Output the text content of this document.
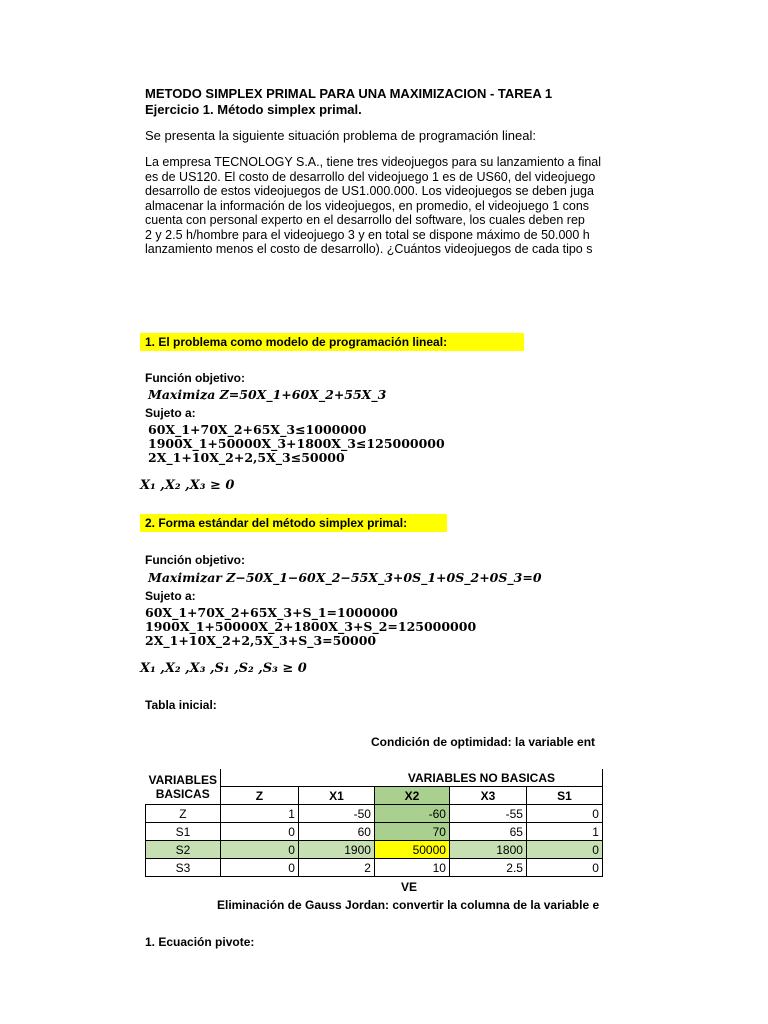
METODO SIMPLEX PRIMAL PARA UNA MAXIMIZACION - TAREA 1
Ejercicio 1. Método simplex primal.
Se presenta la siguiente situación problema de programación lineal:
La empresa TECNOLOGY S.A., tiene tres videojuegos para su lanzamiento a final
es de US120. El costo de desarrollo del videojuego 1 es de US60, del videojuego
desarrollo de estos videojuegos de US1.000.000. Los videojuegos se deben juga
almacenar la información de los videojuegos, en promedio, el videojuego 1 cons
cuenta con personal experto en el desarrollo del software, los cuales deben rep
2 y 2.5 h/hombre para el videojuego 3 y en total se dispone máximo de 50.000 h
lanzamiento menos el costo de desarrollo). ¿Cuántos videojuegos de cada tipo s
1. El problema como modelo de programación lineal:
Función objetivo:
Maximiza Z=50X_1+60X_2+55X_3
Sujeto a:
60X_1+70X_2+65X_3≤1000000
1900X_1+50000X_3+1800X_3≤125000000
2X_1+10X_2+2,5X_3≤50000
X₁ ,X₂ ,X₃ ≥ 0
2. Forma estándar del método simplex primal:
Función objetivo:
Maximizar Z−50X_1−60X_2−55X_3+0S_1+0S_2+0S_3=0
Sujeto a:
60X_1+70X_2+65X_3+S_1=1000000
1900X_1+50000X_2+1800X_3+S_2=125000000
2X_1+10X_2+2,5X_3+S_3=50000
X₁ ,X₂ ,X₃ ,S₁ ,S₂ ,S₃ ≥ 0
Tabla inicial:
Condición de optimidad: la variable ent
VARIABLES BASICAS	VARIABLES NO BASICAS				
	Z	X1	X2	X3	S1
Z	1	-50	-60	-55	0
S1	0	60	70	65	1
S2	0	1900	50000	1800	0
S3	0	2	10	2.5	0
VE
Eliminación de Gauss Jordan: convertir la columna de la variable e
1. Ecuación pivote:
